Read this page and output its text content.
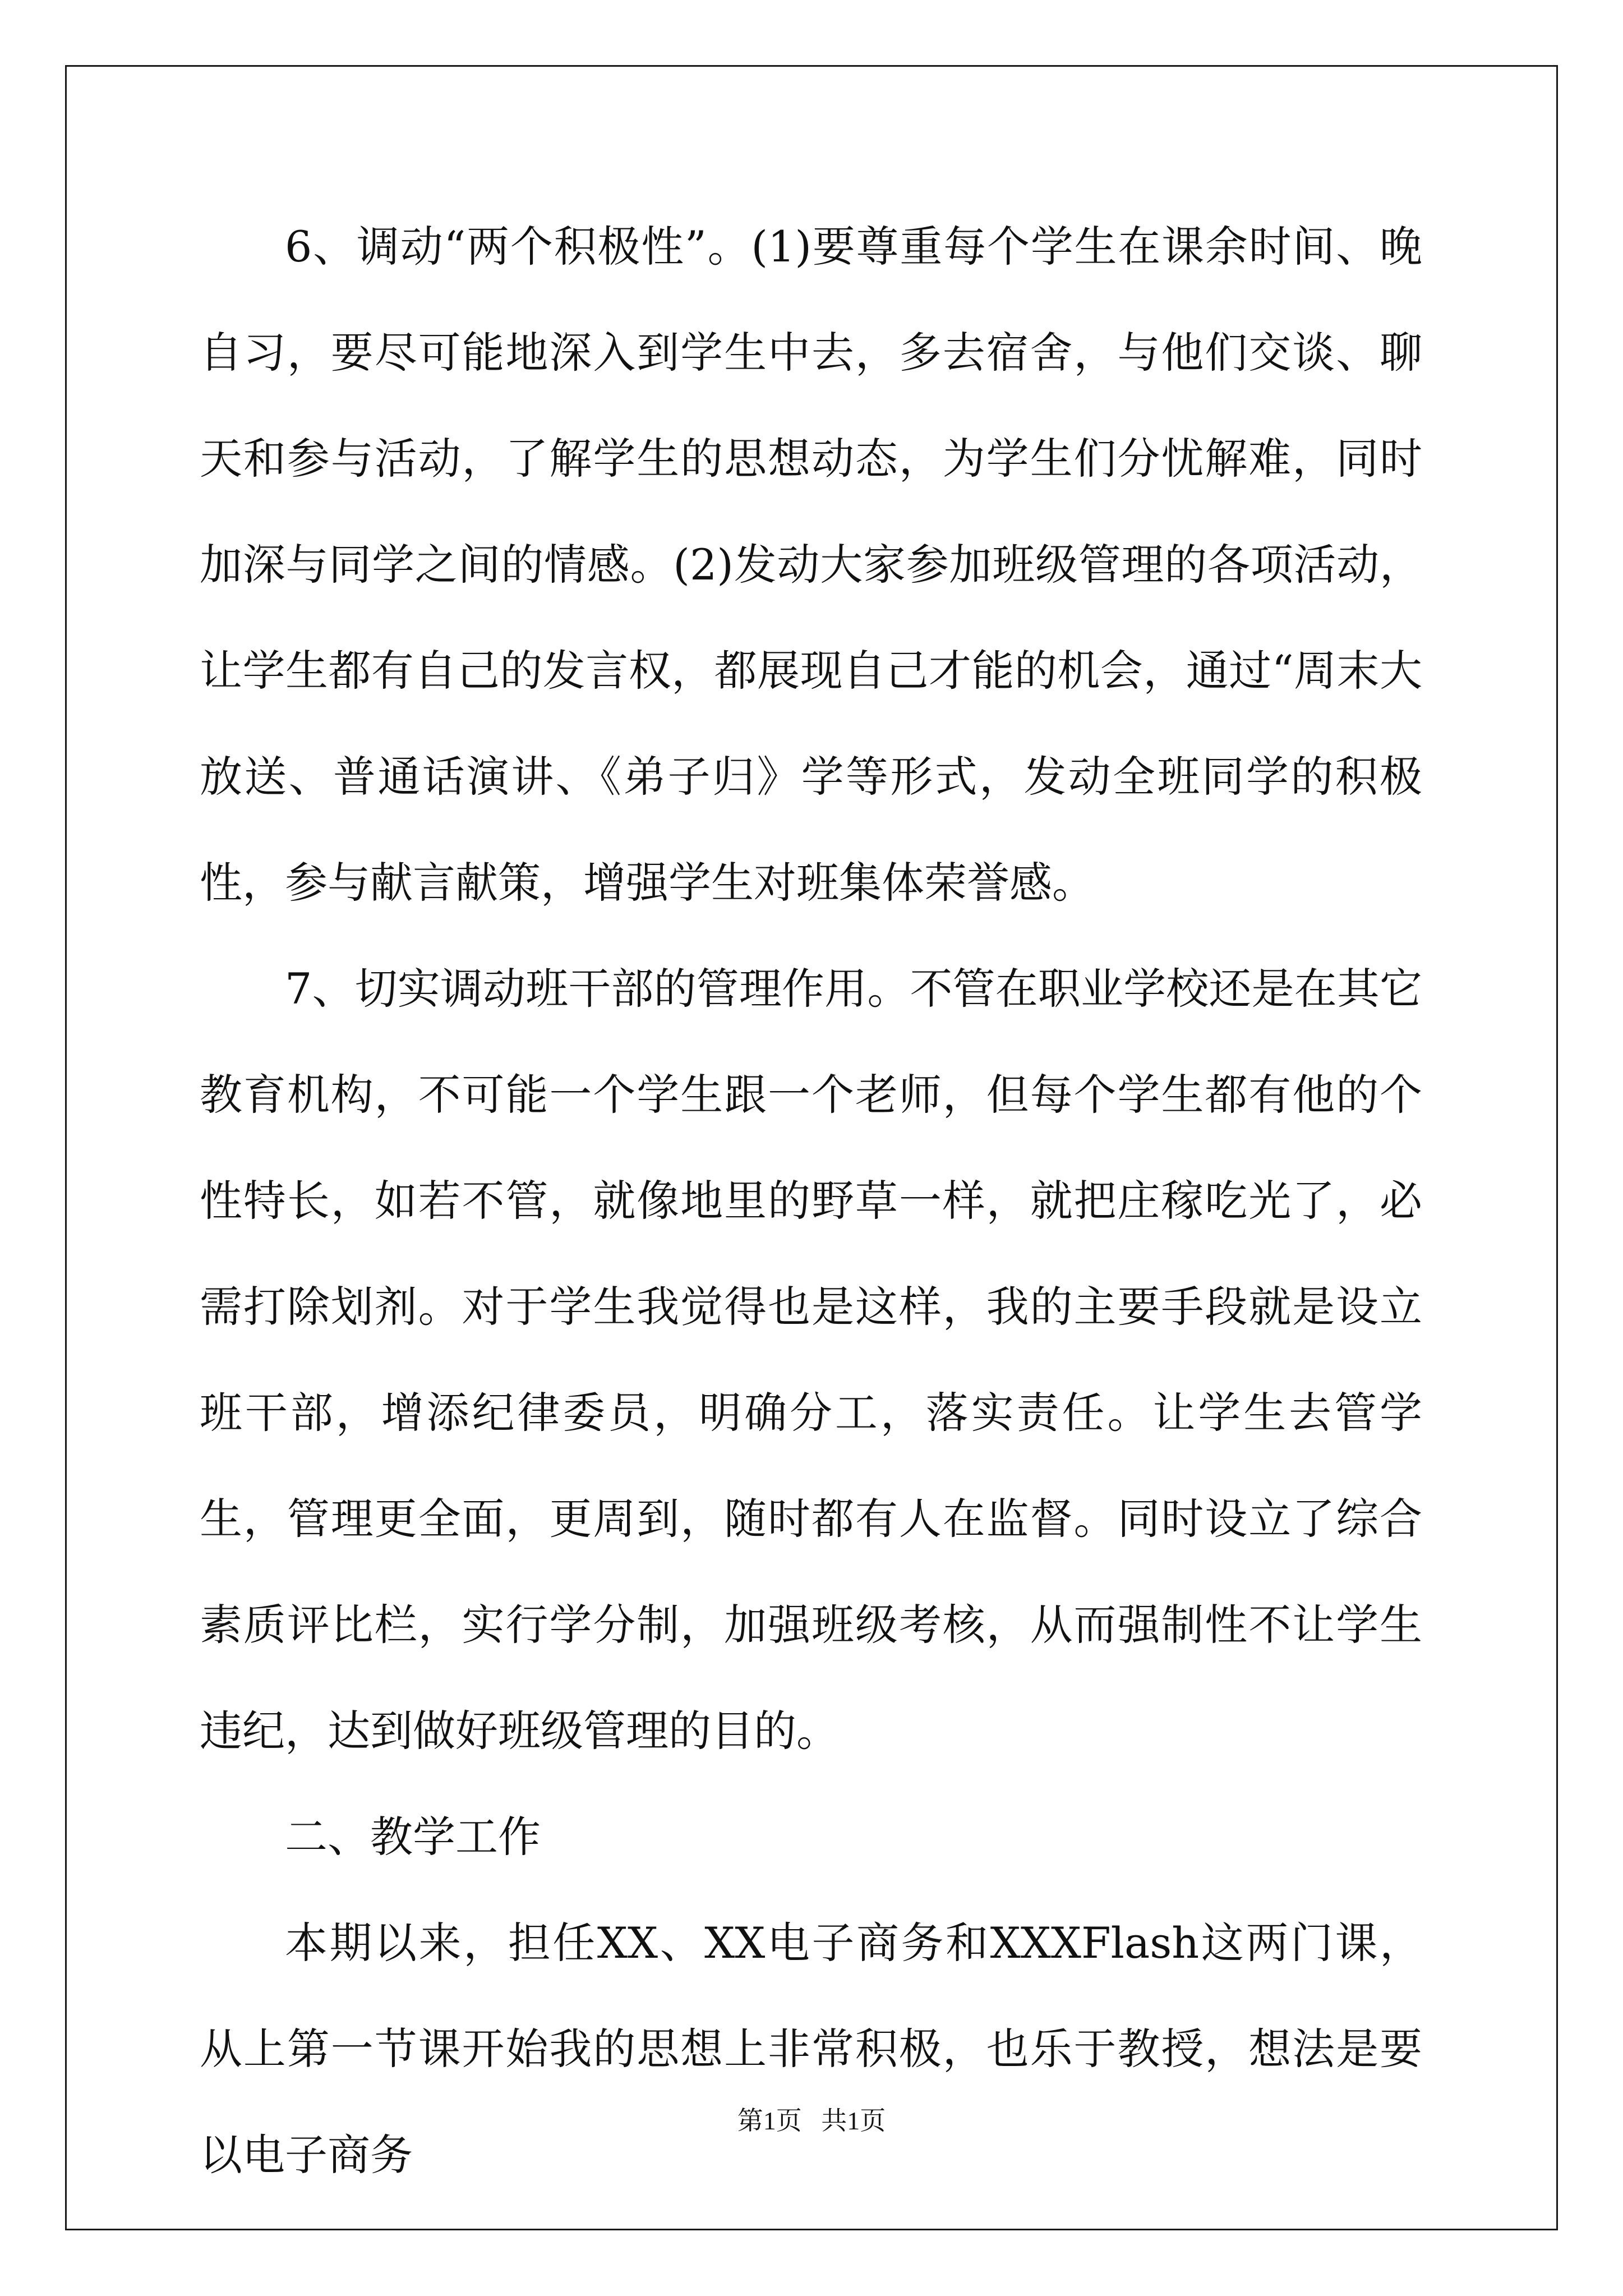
6、调动“两个积极性”。(1)要尊重每个学生在课余时间、晚自习，要尽可能地深入到学生中去，多去宿舍，与他们交谈、聊天和参与活动，了解学生的思想动态，为学生们分忧解难，同时加深与同学之间的情感。(2)发动大家参加班级管理的各项活动，让学生都有自己的发言权，都展现自己才能的机会，通过“周末大放送、普通话演讲、《弟子归》学等形式，发动全班同学的积极性，参与献言献策，增强学生对班集体荣誉感。

7、切实调动班干部的管理作用。不管在职业学校还是在其它教育机构，不可能一个学生跟一个老师，但每个学生都有他的个性特长，如若不管，就像地里的野草一样，就把庄稼吃光了，必需打除划剂。对于学生我觉得也是这样，我的主要手段就是设立班干部，增添纪律委员，明确分工，落实责任。让学生去管学生，管理更全面，更周到，随时都有人在监督。同时设立了综合素质评比栏，实行学分制，加强班级考核，从而强制性不让学生违纪，达到做好班级管理的目的。

二、教学工作

本期以来，担任XX、XX电子商务和XXXFlash这两门课，从上第一节课开始我的思想上非常积极，也乐于教授，想法是要以电子商务

第1页   共1页
